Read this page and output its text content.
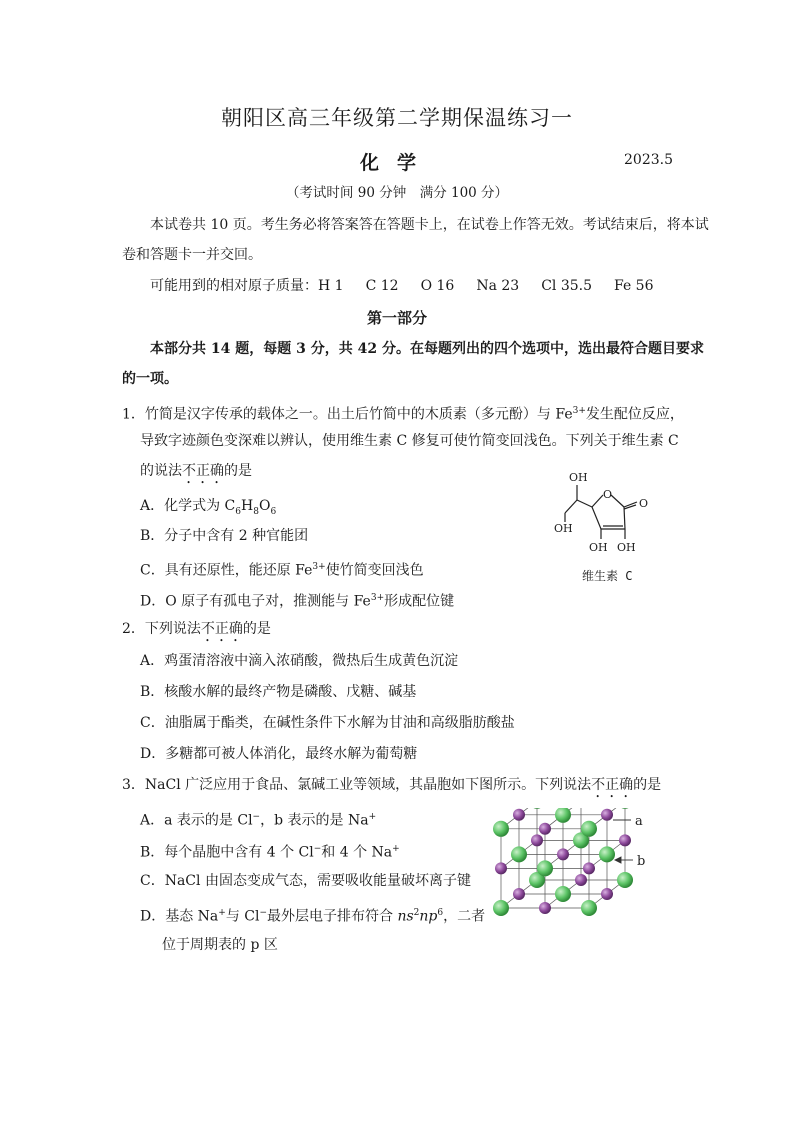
朝阳区高三年级第二学期保温练习一
化学	2023.5
（考试时间 90 分钟　满分 100 分）
本试卷共 10 页。考生务必将答案答在答题卡上，在试卷上作答无效。考试结束后，将本试
卷和答题卡一并交回。
可能用到的相对原子质量：H 1 C 12 O 16 Na 23 Cl 35.5 Fe 56
第一部分
本部分共 14 题，每题 3 分，共 42 分。在每题列出的四个选项中，选出最符合题目要求
的一项。
1．竹简是汉字传承的载体之一。出土后竹简中的木质素（多元酚）与 $Fe^{3+}$发生配位反应，
导致字迹颜色变深难以辨认，使用维生素 C 修复可使竹简变回浅色。下列关于维生素 C
的说法不正确的是
A．化学式为 $C_6H_8O_6$
B．分子中含有 2 种官能团
C．具有还原性，能还原 $Fe^{3+}$使竹简变回浅色
D．O 原子有孤电子对，推测能与 $Fe^{3+}$形成配位键
OH
OH
O
O
OH OH
维生素 C
2．下列说法不正确的是
A．鸡蛋清溶液中滴入浓硝酸，微热后生成黄色沉淀
B．核酸水解的最终产物是磷酸、戊糖、碱基
C．油脂属于酯类，在碱性条件下水解为甘油和高级脂肪酸盐
D．多糖都可被人体消化，最终水解为葡萄糖
3．NaCl 广泛应用于食品、氯碱工业等领域，其晶胞如下图所示。下列说法不正确的是
A．a 表示的是 Cl−，b 表示的是 Na+
B．每个晶胞中含有 4 个 Cl−和 4 个 Na+
C．NaCl 由固态变成气态，需要吸收能量破坏离子键
D．基态 Na+与 Cl−最外层电子排布符合 $ns^2np^6$，二者
位于周期表的 p 区
a
b
